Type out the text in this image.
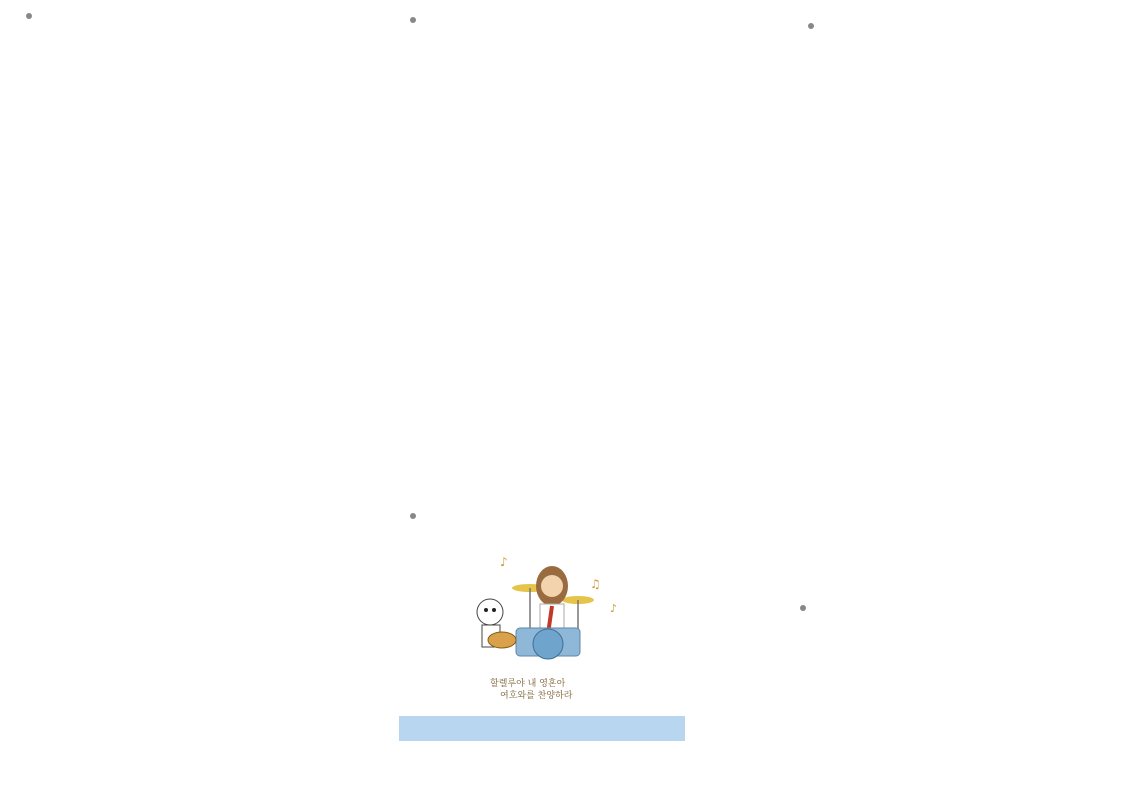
♪
♫
♪
할렐루야 내 영혼아
여호와를 찬양하라
